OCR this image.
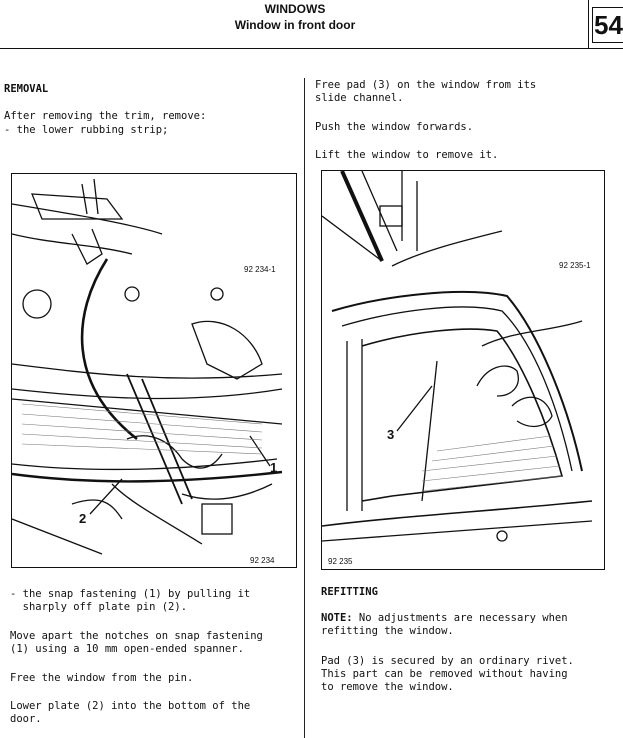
WINDOWS
Window in front door	54
REMOVAL
After removing the trim, remove:
- the lower rubbing strip;
92 234-1
92 234
1
2
- the snap fastening (1) by pulling it
sharply off plate pin (2).
Move apart the notches on snap fastening
(1) using a 10 mm open-ended spanner.
Free the window from the pin.
Lower plate (2) into the bottom of the
door.
Free pad (3) on the window from its
slide channel.
Push the window forwards.
Lift the window to remove it.
92 235-1
92 235
3
REFITTING
NOTE: No adjustments are necessary when
refitting the window.
Pad (3) is secured by an ordinary rivet.
This part can be removed without having
to remove the window.
